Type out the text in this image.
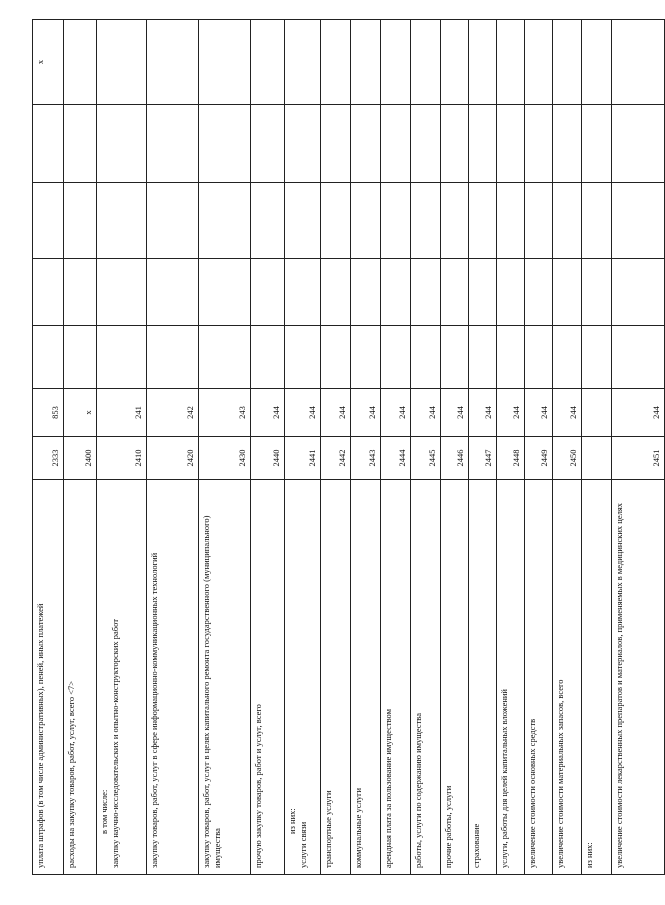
уплата штрафов (в том числе административных), пеней, иных платежей	2333	853					x

расходы на закупку товаров, работ, услуг, всего <7>	2400	x					

в том числе: закупку научно-исследовательских и опытно-конструкторских работ	2410	241					

закупку товаров, работ, услуг в сфере информационно-коммуникационных технологий	2420	242					

закупку товаров, работ, услуг в целях капитального ремонта государственного (муниципального) имущества	2430	243					

прочую закупку товаров, работ и услуг, всего	2440	244					

из них:
услуги связи	2441	244					

транспортные услуги	2442	244					

коммунальные услуги	2443	244					

арендная плата за пользование имуществом	2444	244					

работы, услуги по содержанию имущества	2445	244					

прочие работы, услуги	2446	244					

страхование	2447	244					

услуги, работы для целей капитальных вложений	2448	244					

увеличение стоимости основных средств	2449	244					

увеличение стоимости материальных запасов, всего	2450	244					

из них:							

увеличение стоимости лекарственных препаратов и материалов, применяемых в медицинских целях	2451	244					
